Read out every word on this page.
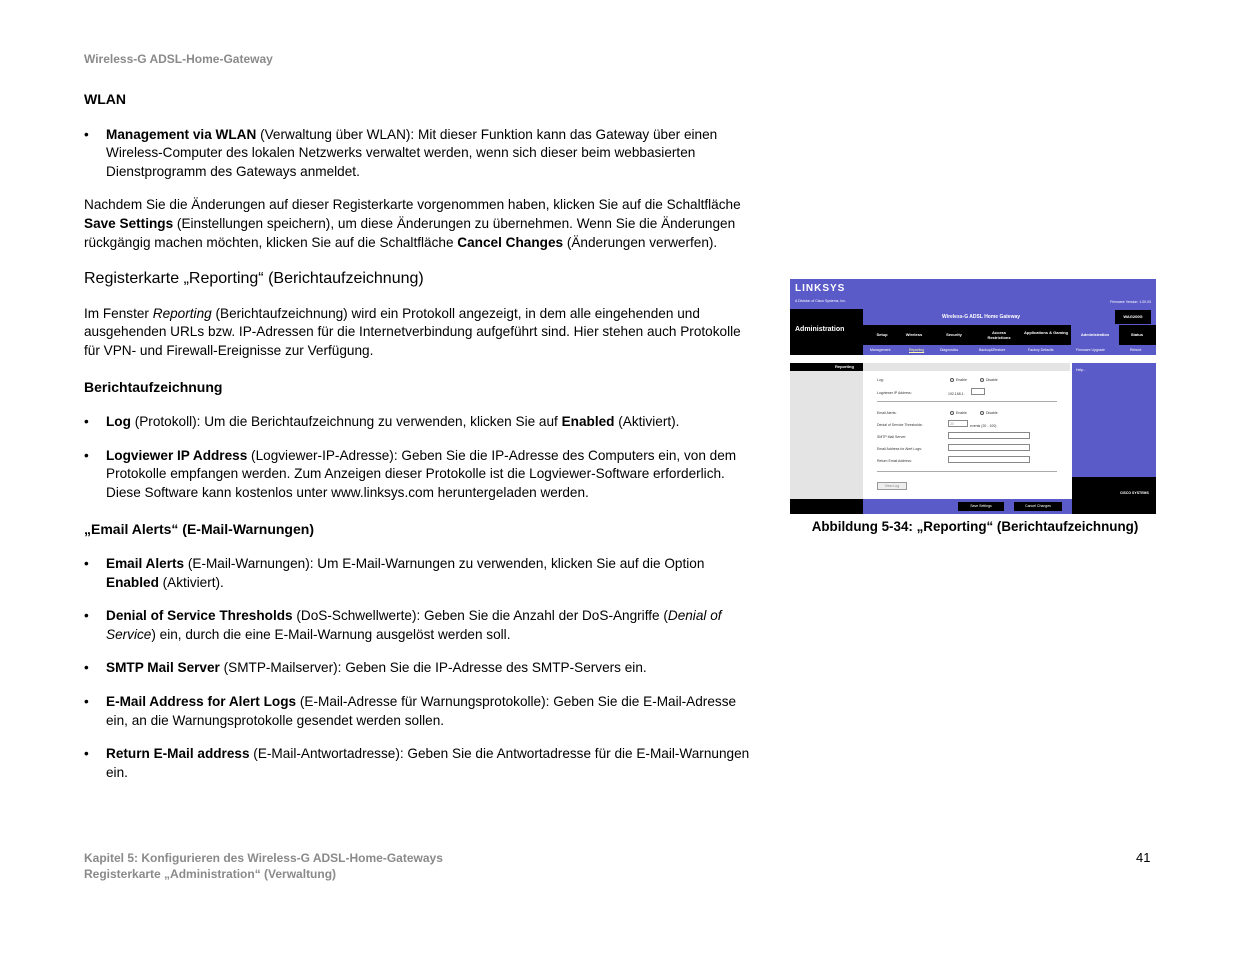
Wireless-G ADSL-Home-Gateway

WLAN

• Management via WLAN (Verwaltung über WLAN): Mit dieser Funktion kann das Gateway über einen Wireless-Computer des lokalen Netzwerks verwaltet werden, wenn sich dieser beim webbasierten Dienstprogramm des Gateways anmeldet.

Nachdem Sie die Änderungen auf dieser Registerkarte vorgenommen haben, klicken Sie auf die Schaltfläche Save Settings (Einstellungen speichern), um diese Änderungen zu übernehmen. Wenn Sie die Änderungen rückgängig machen möchten, klicken Sie auf die Schaltfläche Cancel Changes (Änderungen verwerfen).

Registerkarte „Reporting“ (Berichtaufzeichnung)

Im Fenster Reporting (Berichtaufzeichnung) wird ein Protokoll angezeigt, in dem alle eingehenden und ausgehenden URLs bzw. IP-Adressen für die Internetverbindung aufgeführt sind. Hier stehen auch Protokolle für VPN- und Firewall-Ereignisse zur Verfügung.

Berichtaufzeichnung

• Log (Protokoll): Um die Berichtaufzeichnung zu verwenden, klicken Sie auf Enabled (Aktiviert).
• Logviewer IP Address (Logviewer-IP-Adresse): Geben Sie die IP-Adresse des Computers ein, von dem Protokolle empfangen werden. Zum Anzeigen dieser Protokolle ist die Logviewer-Software erforderlich. Diese Software kann kostenlos unter www.linksys.com heruntergeladen werden.

„Email Alerts“ (E-Mail-Warnungen)

• Email Alerts (E-Mail-Warnungen): Um E-Mail-Warnungen zu verwenden, klicken Sie auf die Option Enabled (Aktiviert).
• Denial of Service Thresholds (DoS-Schwellwerte): Geben Sie die Anzahl der DoS-Angriffe (Denial of Service) ein, durch die eine E-Mail-Warnung ausgelöst werden soll.
• SMTP Mail Server (SMTP-Mailserver): Geben Sie die IP-Adresse des SMTP-Servers ein.
• E-Mail Address for Alert Logs (E-Mail-Adresse für Warnungsprotokolle): Geben Sie die E-Mail-Adresse ein, an die Warnungsprotokolle gesendet werden sollen.
• Return E-Mail address (E-Mail-Antwortadresse): Geben Sie die Antwortadresse für die E-Mail-Warnungen ein.
LINKSYS
A Division of Cisco Systems, Inc.	Firmware Version: 1.00.03
Administration
Wireless-G ADSL Home Gateway	WAG200G
Setup	Wireless	Security	Access Restrictions
Applications & Gaming	Administration	Status
Management	Reporting	Diagnostics	Backup&Restore	Factory Defaults	Firmware Upgrade	Reboot
Reporting
Help...
Log:	Enable	Disable
Logviewer IP Address:	192.168.1.
Email Alerts:	Enable	Disable
Denial of Service Thresholds:	20	events (20 - 100)
SMTP Mail Server:
Email Address for Alert Logs:
Return Email Address:
View Log
CISCO SYSTEMS
Save Settings	Cancel Changes
Abbildung 5-34: „Reporting“ (Berichtaufzeichnung)
Kapitel 5: Konfigurieren des Wireless-G ADSL-Home-Gateways
Registerkarte „Administration“ (Verwaltung)
41
